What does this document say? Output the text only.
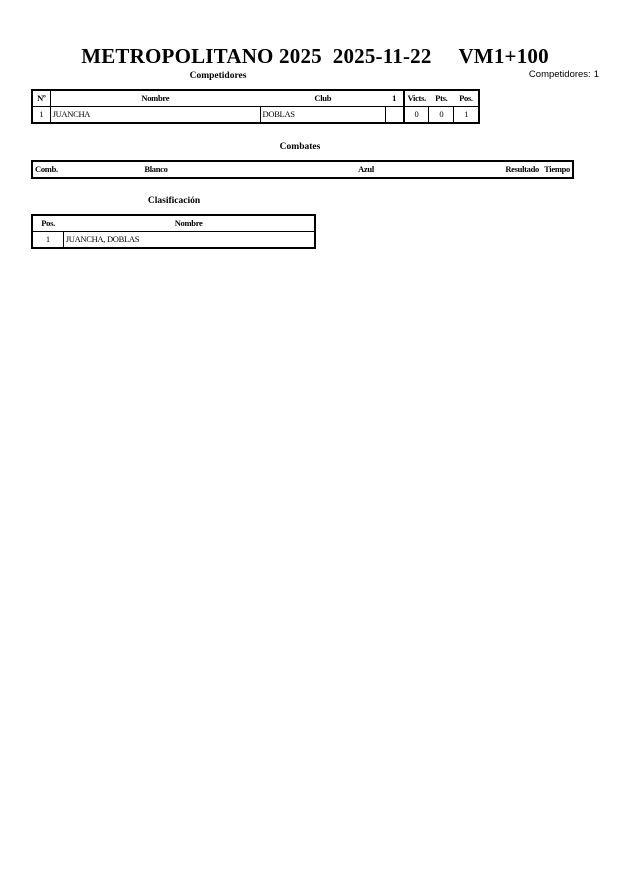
METROPOLITANO 2025  2025-11-22     VM1+100
Competidores: 1
Competidores
Nº	Nombre	Club	1	Victs.	Pts.	Pos.
1	JUANCHA	DOBLAS		0	0	1
Combates
Comb.	Blanco	Azul	Resultado	Tiempo
Clasificación
Pos.	Nombre
1	JUANCHA, DOBLAS
